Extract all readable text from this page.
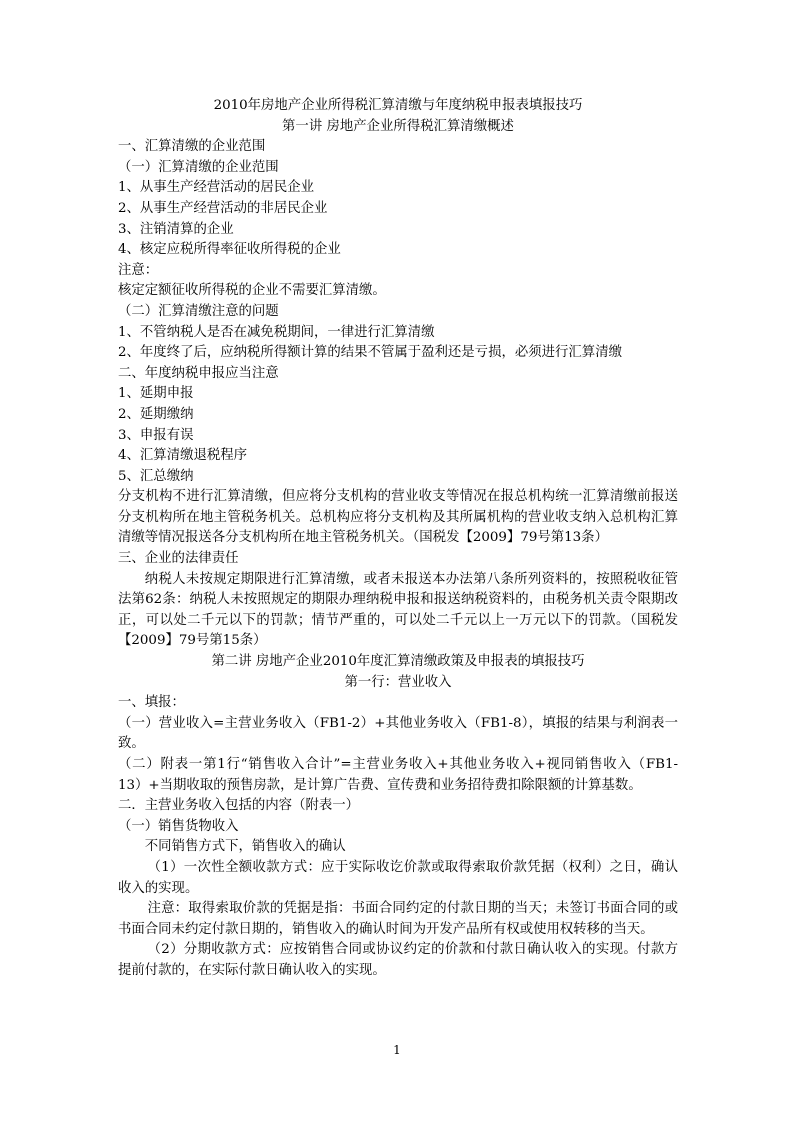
2010年房地产企业所得税汇算清缴与年度纳税申报表填报技巧
第一讲 房地产企业所得税汇算清缴概述
一、汇算清缴的企业范围
（一）汇算清缴的企业范围
1、从事生产经营活动的居民企业
2、从事生产经营活动的非居民企业
3、注销清算的企业
4、核定应税所得率征收所得税的企业
注意：
核定定额征收所得税的企业不需要汇算清缴。
（二）汇算清缴注意的问题
1、不管纳税人是否在减免税期间，一律进行汇算清缴
2、年度终了后，应纳税所得额计算的结果不管属于盈利还是亏损，必须进行汇算清缴
二、年度纳税申报应当注意
1、延期申报
2、延期缴纳
3、申报有误
4、汇算清缴退税程序
5、汇总缴纳
分支机构不进行汇算清缴，但应将分支机构的营业收支等情况在报总机构统一汇算清缴前报送分支机构所在地主管税务机关。总机构应将分支机构及其所属机构的营业收支纳入总机构汇算清缴等情况报送各分支机构所在地主管税务机关。（国税发【2009】79号第13条）
三、企业的法律责任
纳税人未按规定期限进行汇算清缴，或者未报送本办法第八条所列资料的，按照税收征管法第62条：纳税人未按照规定的期限办理纳税申报和报送纳税资料的，由税务机关责令限期改正，可以处二千元以下的罚款；情节严重的，可以处二千元以上一万元以下的罚款。（国税发【2009】79号第15条）
第二讲 房地产企业2010年度汇算清缴政策及申报表的填报技巧
第一行：营业收入
一、填报：
（一）营业收入=主营业务收入（FB1-2）+其他业务收入（FB1-8），填报的结果与利润表一致。
（二）附表一第1行“销售收入合计”=主营业务收入+其他业务收入+视同销售收入（FB1-13）+当期收取的预售房款，是计算广告费、宣传费和业务招待费扣除限额的计算基数。
二．主营业务收入包括的内容（附表一）
（一）销售货物收入
不同销售方式下，销售收入的确认
（1）一次性全额收款方式：应于实际收讫价款或取得索取价款凭据（权利）之日，确认收入的实现。
注意：取得索取价款的凭据是指：书面合同约定的付款日期的当天；未签订书面合同的或书面合同未约定付款日期的，销售收入的确认时间为开发产品所有权或使用权转移的当天。
（2）分期收款方式：应按销售合同或协议约定的价款和付款日确认收入的实现。付款方提前付款的，在实际付款日确认收入的实现。
1
